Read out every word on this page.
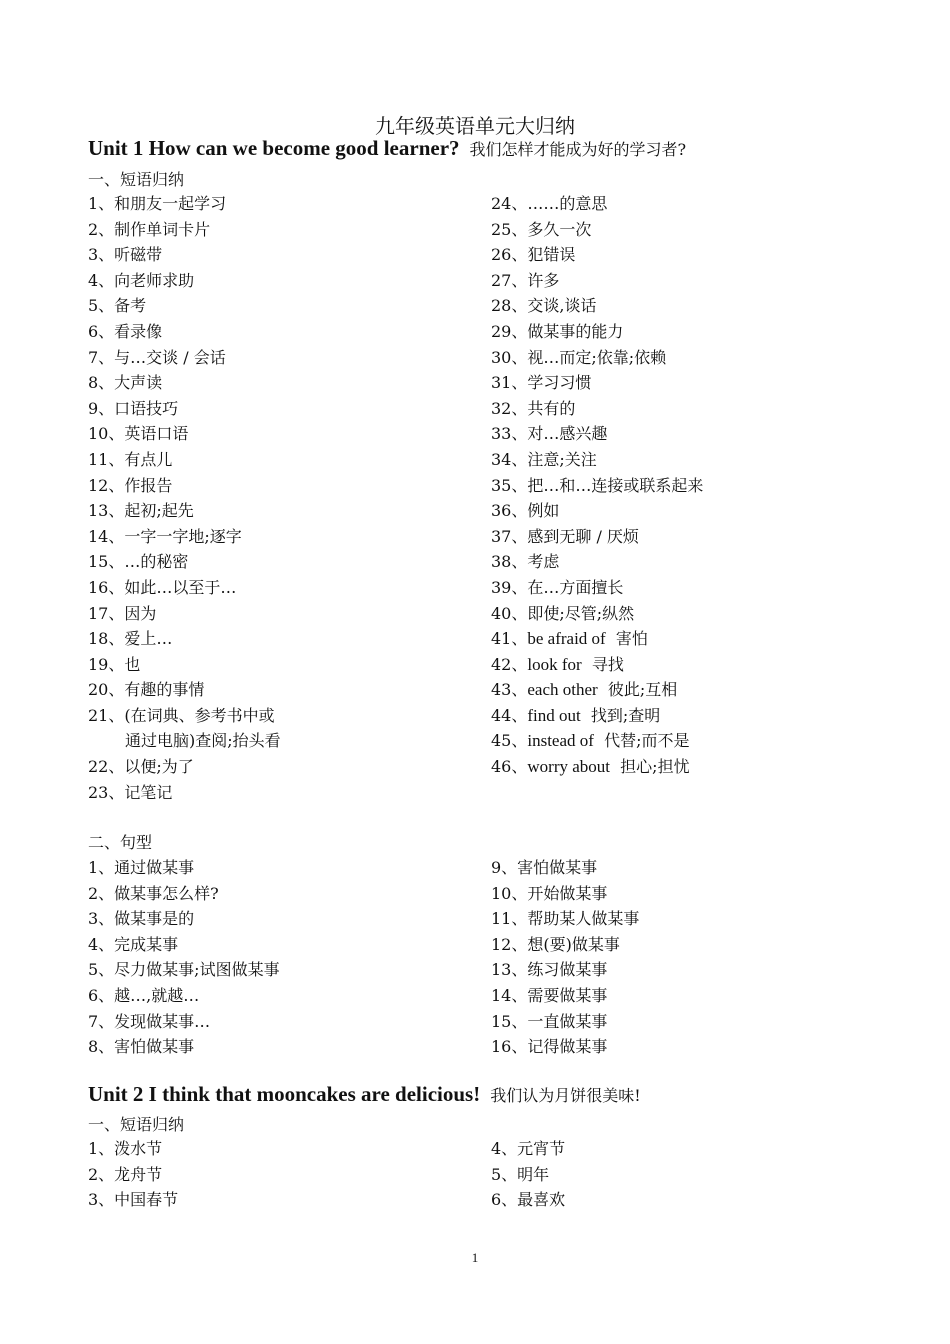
九年级英语单元大归纳
Unit 1 How can we become good learner? 我们怎样才能成为好的学习者?
一、短语归纳
1、和朋友一起学习
2、制作单词卡片
3、听磁带
4、向老师求助
5、备考
6、看录像
7、与…交谈 / 会话
8、大声读
9、口语技巧
10、英语口语
11、有点儿
12、作报告
13、起初;起先
14、一字一字地;逐字
15、…的秘密
16、如此…以至于…
17、因为
18、爱上…
19、也
20、有趣的事情
21、(在词典、参考书中或
通过电脑)查阅;抬头看
22、以便;为了
23、记笔记
24、……的意思
25、多久一次
26、犯错误
27、许多
28、交谈,谈话
29、做某事的能力
30、视…而定;依靠;依赖
31、学习习惯
32、共有的
33、对…感兴趣
34、注意;关注
35、把…和…连接或联系起来
36、例如
37、感到无聊 / 厌烦
38、考虑
39、在…方面擅长
40、即使;尽管;纵然
41、be afraid of 害怕
42、look for 寻找
43、each other 彼此;互相
44、find out 找到;查明
45、instead of 代替;而不是
46、worry about 担心;担忧
二、句型
1、通过做某事
2、做某事怎么样?
3、做某事是的
4、完成某事
5、尽力做某事;试图做某事
6、越…,就越…
7、发现做某事…
8、害怕做某事
9、害怕做某事
10、开始做某事
11、帮助某人做某事
12、想(要)做某事
13、练习做某事
14、需要做某事
15、一直做某事
16、记得做某事
Unit 2 I think that mooncakes are delicious! 我们认为月饼很美味!
一、短语归纳
1、泼水节
2、龙舟节
3、中国春节
4、元宵节
5、明年
6、最喜欢
1
